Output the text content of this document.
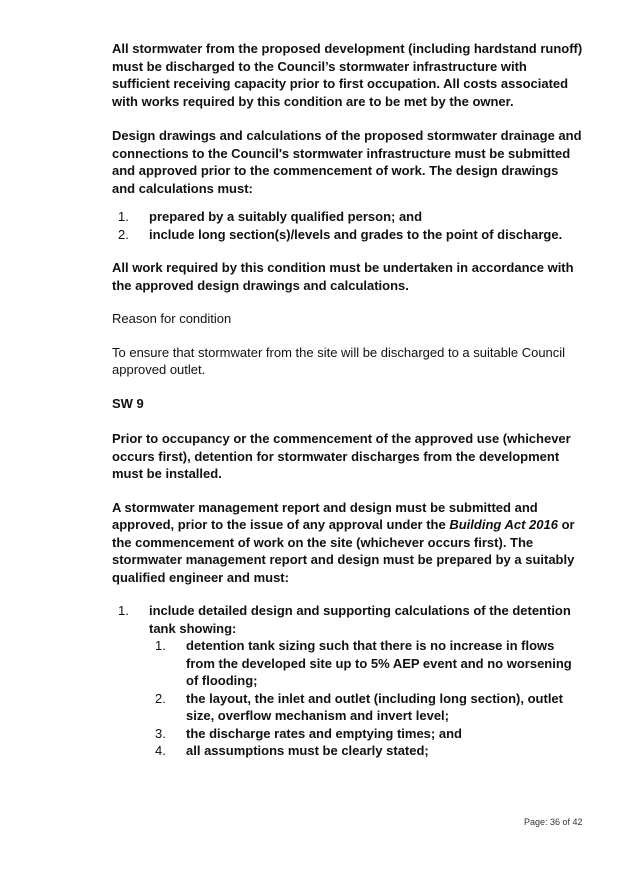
All stormwater from the proposed development (including hardstand runoff) must be discharged to the Council’s stormwater infrastructure with sufficient receiving capacity prior to first occupation. All costs associated with works required by this condition are to be met by the owner.

Design drawings and calculations of the proposed stormwater drainage and connections to the Council's stormwater infrastructure must be submitted and approved prior to the commencement of work. The design drawings and calculations must:

1. prepared by a suitably qualified person; and
2. include long section(s)/levels and grades to the point of discharge.

All work required by this condition must be undertaken in accordance with the approved design drawings and calculations.

Reason for condition

To ensure that stormwater from the site will be discharged to a suitable Council approved outlet.

SW 9

Prior to occupancy or the commencement of the approved use (whichever occurs first), detention for stormwater discharges from the development must be installed.

A stormwater management report and design must be submitted and approved, prior to the issue of any approval under the Building Act 2016 or the commencement of work on the site (whichever occurs first). The stormwater management report and design must be prepared by a suitably qualified engineer and must:

1. include detailed design and supporting calculations of the detention tank showing:
1. detention tank sizing such that there is no increase in flows from the developed site up to 5% AEP event and no worsening of flooding;
2. the layout, the inlet and outlet (including long section), outlet size, overflow mechanism and invert level;
3. the discharge rates and emptying times; and
4. all assumptions must be clearly stated;
Page: 36 of 42
